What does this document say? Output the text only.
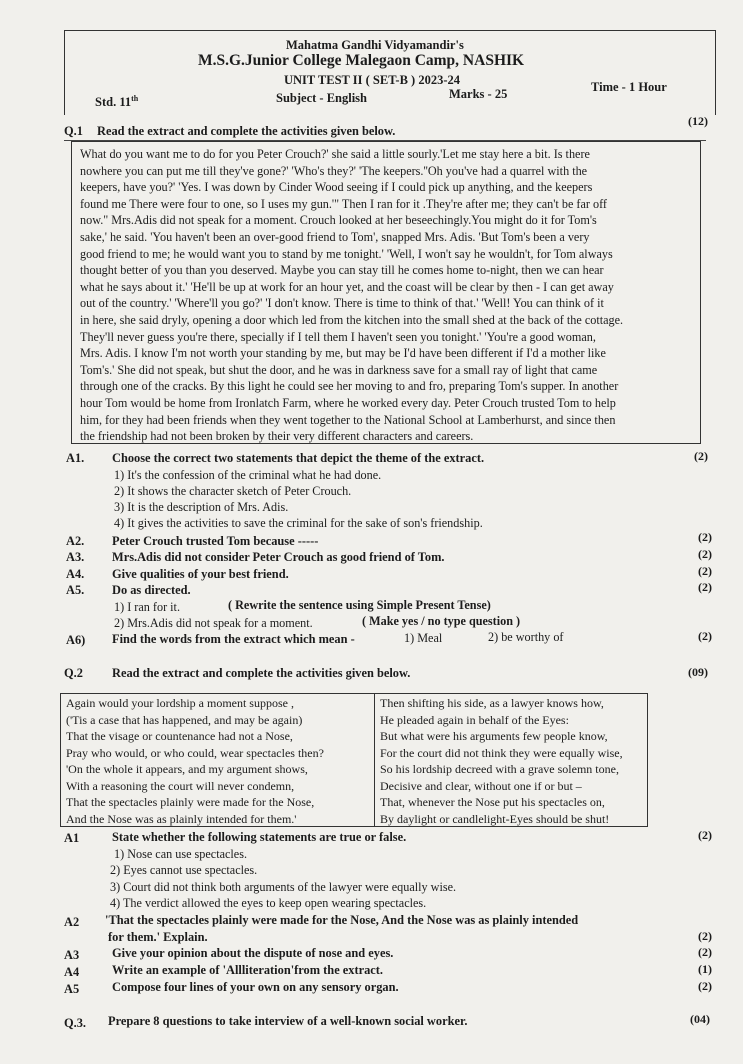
Mahatma Gandhi Vidyamandir's
M.S.G.Junior College Malegaon Camp, NASHIK
UNIT TEST II ( SET-B ) 2023-24
Std. 11th	Subject - English	Marks - 25	Time - 1 Hour
Q.1 Read the extract and complete the activities given below.
(12)
What do you want me to do for you Peter Crouch?' she said a little sourly.'Let me stay here a bit. Is there
nowhere you can put me till they've gone?' 'Who's they?' 'The keepers.''Oh you've had a quarrel with the
keepers, have you?' 'Yes. I was down by Cinder Wood seeing if I could pick up anything, and the keepers
found me There were four to one, so I uses my gun.'" Then I ran for it .They're after me; they can't be far off
now." Mrs.Adis did not speak for a moment. Crouch looked at her beseechingly.You might do it for Tom's
sake,' he said. 'You haven't been an over-good friend to Tom', snapped Mrs. Adis. 'But Tom's been a very
good friend to me; he would want you to stand by me tonight.' 'Well, I won't say he wouldn't, for Tom always
thought better of you than you deserved. Maybe you can stay till he comes home to-night, then we can hear
what he says about it.' 'He'll be up at work for an hour yet, and the coast will be clear by then - I can get away
out of the country.' 'Where'll you go?' 'I don't know. There is time to think of that.' 'Well! You can think of it
in here, she said dryly, opening a door which led from the kitchen into the small shed at the back of the cottage.
They'll never guess you're there, specially if I tell them I haven't seen you tonight.' 'You're a good woman,
Mrs. Adis. I know I'm not worth your standing by me, but may be I'd have been different if I'd a mother like
Tom's.' She did not speak, but shut the door, and he was in darkness save for a small ray of light that came
through one of the cracks. By this light he could see her moving to and fro, preparing Tom's supper. In another
hour Tom would be home from Ironlatch Farm, where he worked every day. Peter Crouch trusted Tom to help
him, for they had been friends when they went together to the National School at Lamberhurst, and since then
the friendship had not been broken by their very different characters and careers.
A1. Choose the correct two statements that depict the theme of the extract.	(2)
1) It's the confession of the criminal what he had done.
2) It shows the character sketch of Peter Crouch.
3) It is the description of Mrs. Adis.
4) It gives the activities to save the criminal for the sake of son's friendship.
A2. Peter Crouch trusted Tom because -----	(2)
A3. Mrs.Adis did not consider Peter Crouch as good friend of Tom.	(2)
A4. Give qualities of your best friend.	(2)
A5. Do as directed.	(2)
1) I ran for it.	( Rewrite the sentence using Simple Present Tense)
2) Mrs.Adis did not speak for a moment.	( Make yes / no type question )
A6) Find the words from the extract which mean -	1) Meal	2) be worthy of	(2)
Q.2 Read the extract and complete the activities given below.	(09)
Again would your lordship a moment suppose ,
('Tis a case that has happened, and may be again)
That the visage or countenance had not a Nose,
Pray who would, or who could, wear spectacles then?
'On the whole it appears, and my argument shows,
With a reasoning the court will never condemn,
That the spectacles plainly were made for the Nose,
And the Nose was as plainly intended for them.'
Then shifting his side, as a lawyer knows how,
He pleaded again in behalf of the Eyes:
But what were his arguments few people know,
For the court did not think they were equally wise,
So his lordship decreed with a grave solemn tone,
Decisive and clear, without one if or but –
That, whenever the Nose put his spectacles on,
By daylight or candlelight-Eyes should be shut!
A1	State whether the following statements are true or false.	(2)
1) Nose can use spectacles.
2) Eyes cannot use spectacles.
3) Court did not think both arguments of the lawyer were equally wise.
4) The verdict allowed the eyes to keep open wearing spectacles.
A2 'That the spectacles plainly were made for the Nose, And the Nose was as plainly intended
for them.' Explain.	(2)
A3	Give your opinion about the dispute of nose and eyes.	(2)
A4	Write an example of 'Allliteration'from the extract.	(1)
A5	Compose four lines of your own on any sensory organ.	(2)
Q.3. Prepare 8 questions to take interview of a well-known social worker.	(04)
